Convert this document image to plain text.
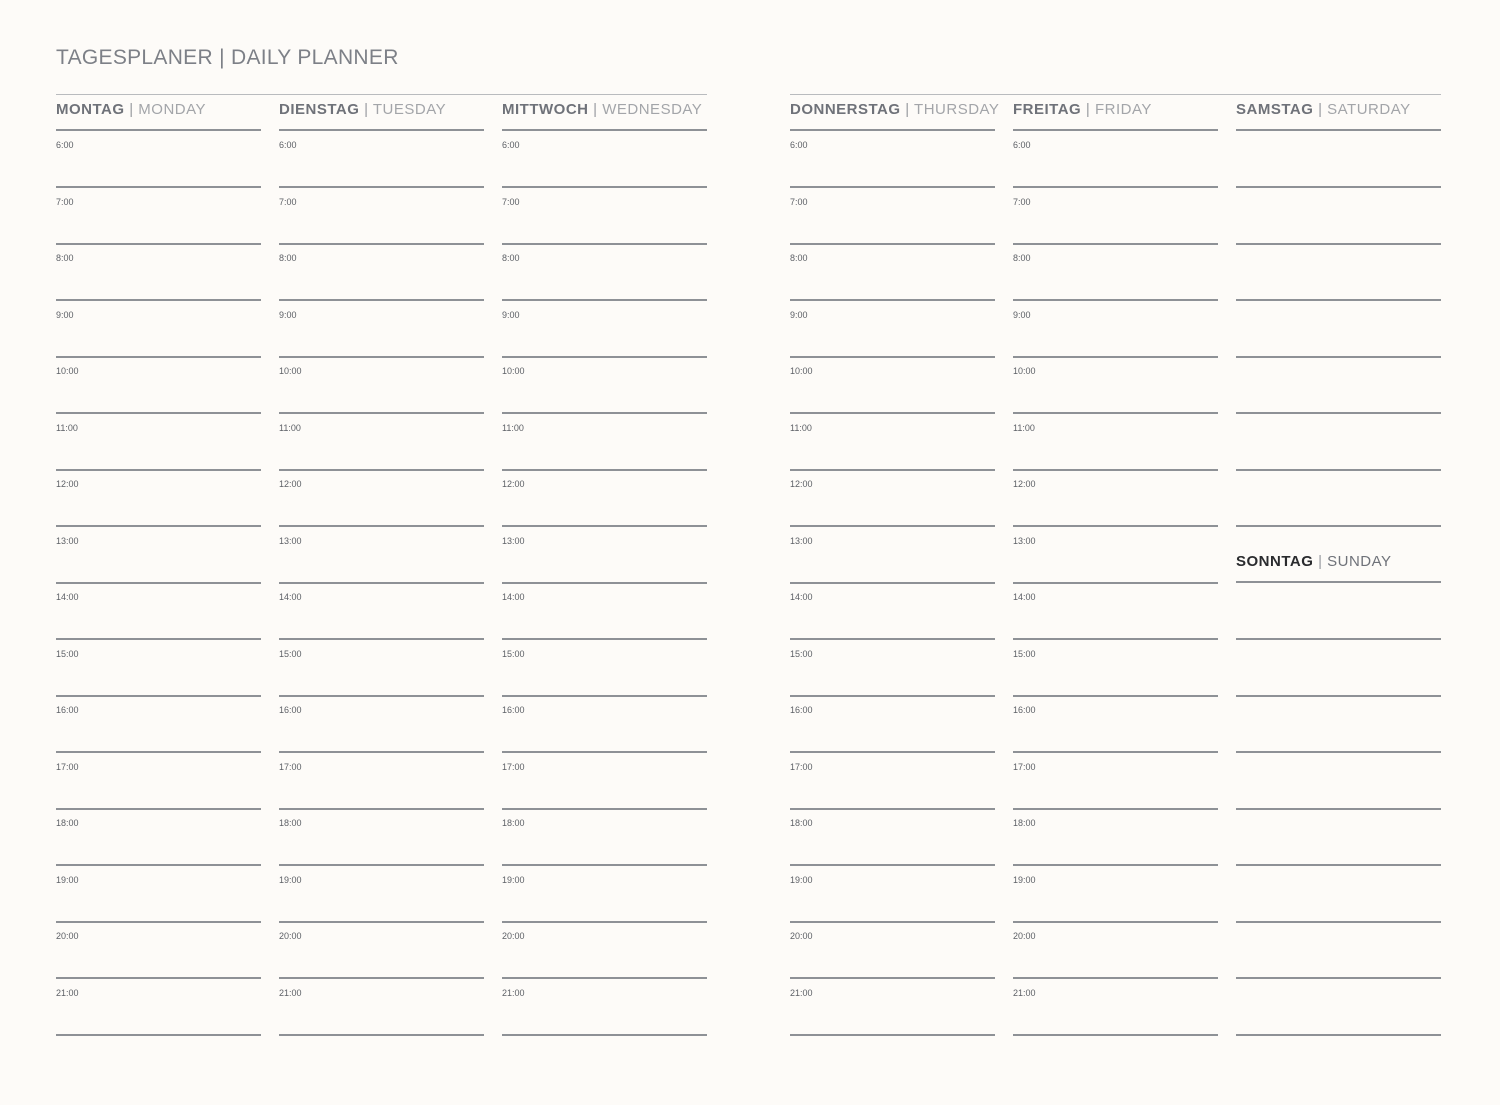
TAGESPLANER | DAILY PLANNER
MONTAG | MONDAY
6:00
7:00
8:00
9:00
10:00
11:00
12:00
13:00
14:00
15:00
16:00
17:00
18:00
19:00
20:00
21:00
DIENSTAG | TUESDAY
6:00
7:00
8:00
9:00
10:00
11:00
12:00
13:00
14:00
15:00
16:00
17:00
18:00
19:00
20:00
21:00
MITTWOCH | WEDNESDAY
6:00
7:00
8:00
9:00
10:00
11:00
12:00
13:00
14:00
15:00
16:00
17:00
18:00
19:00
20:00
21:00
DONNERSTAG | THURSDAY
6:00
7:00
8:00
9:00
10:00
11:00
12:00
13:00
14:00
15:00
16:00
17:00
18:00
19:00
20:00
21:00
FREITAG | FRIDAY
6:00
7:00
8:00
9:00
10:00
11:00
12:00
13:00
14:00
15:00
16:00
17:00
18:00
19:00
20:00
21:00
SAMSTAG | SATURDAY
SONNTAG | SUNDAY
